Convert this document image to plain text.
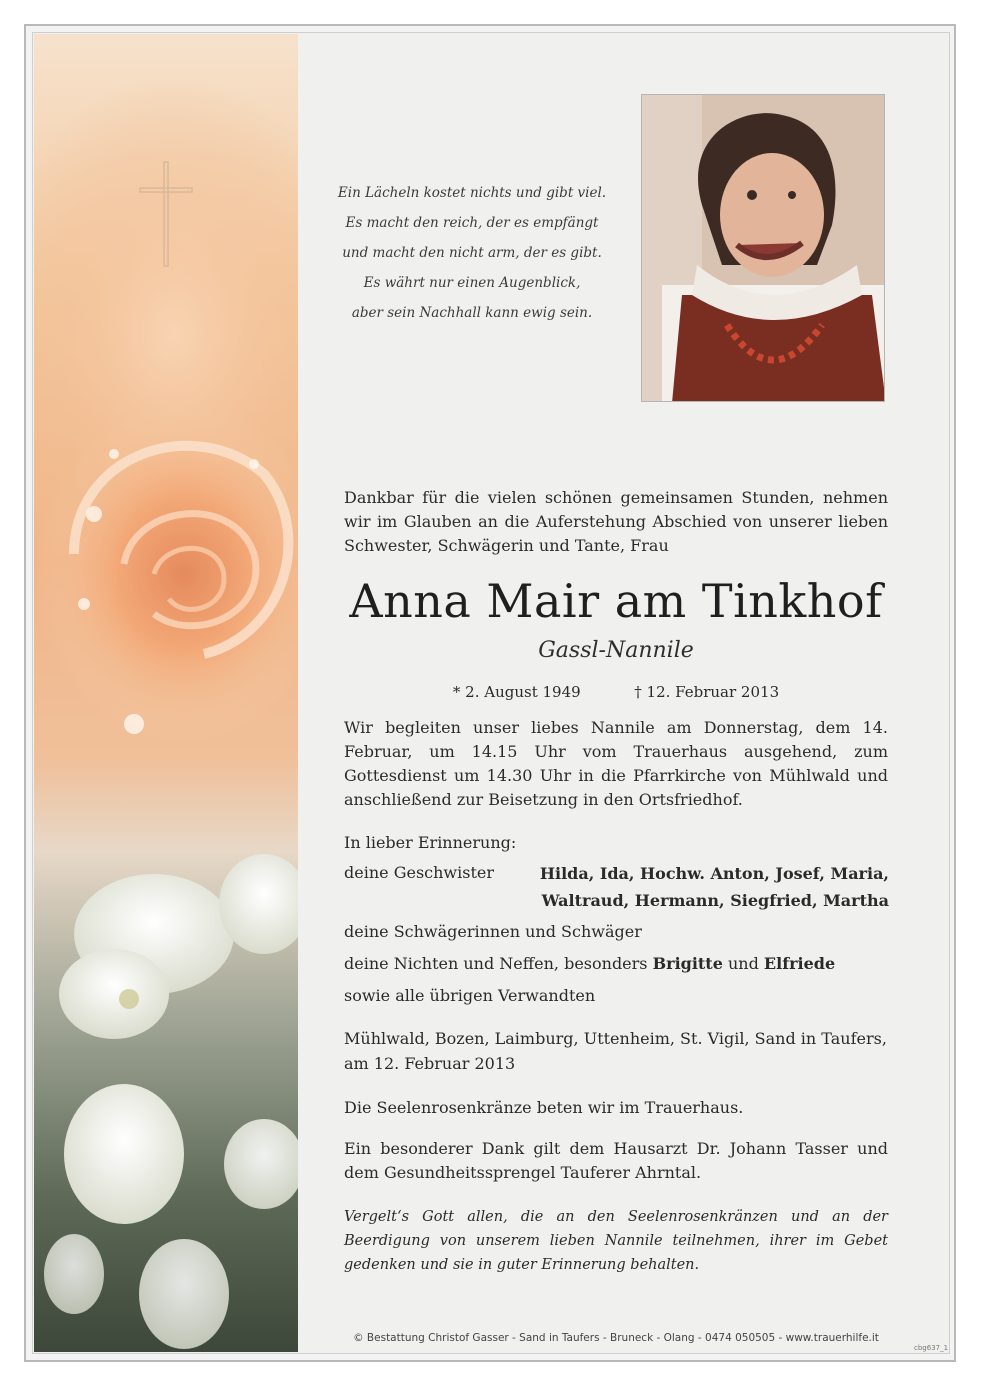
Ein Lächeln kostet nichts und gibt viel.
Es macht den reich, der es empfängt
und macht den nicht arm, der es gibt.
Es währt nur einen Augenblick,
aber sein Nachhall kann ewig sein.
Dankbar für die vielen schönen gemeinsamen Stunden, nehmen wir im Glauben an die Auferstehung Abschied von unserer lieben Schwester, Schwägerin und Tante, Frau
Anna Mair am Tinkhof
Gassl-Nannile
* 2. August 1949	† 12. Februar 2013
Wir begleiten unser liebes Nannile am Donnerstag, dem 14. Februar, um 14.15 Uhr vom Trauerhaus ausgehend, zum Gottesdienst um 14.30 Uhr in die Pfarrkirche von Mühlwald und anschließend zur Beisetzung in den Ortsfriedhof.
In lieber Erinnerung:
deine Geschwister	Hilda, Ida, Hochw. Anton, Josef, Maria,
Waltraud, Hermann, Siegfried, Martha
deine Schwägerinnen und Schwäger
deine Nichten und Neffen, besonders Brigitte und Elfriede
sowie alle übrigen Verwandten
Mühlwald, Bozen, Laimburg, Uttenheim, St. Vigil, Sand in Taufers,
am 12. Februar 2013
Die Seelenrosenkränze beten wir im Trauerhaus.
Ein besonderer Dank gilt dem Hausarzt Dr. Johann Tasser und dem Gesundheitssprengel Tauferer Ahrntal.
Vergelt‘s Gott allen, die an den Seelenrosenkränzen und an der Beerdigung von unserem lieben Nannile teilnehmen, ihrer im Gebet gedenken und sie in guter Erinnerung behalten.
© Bestattung Christof Gasser - Sand in Taufers - Bruneck - Olang - 0474 050505 - www.trauerhilfe.it
cbg637_1
